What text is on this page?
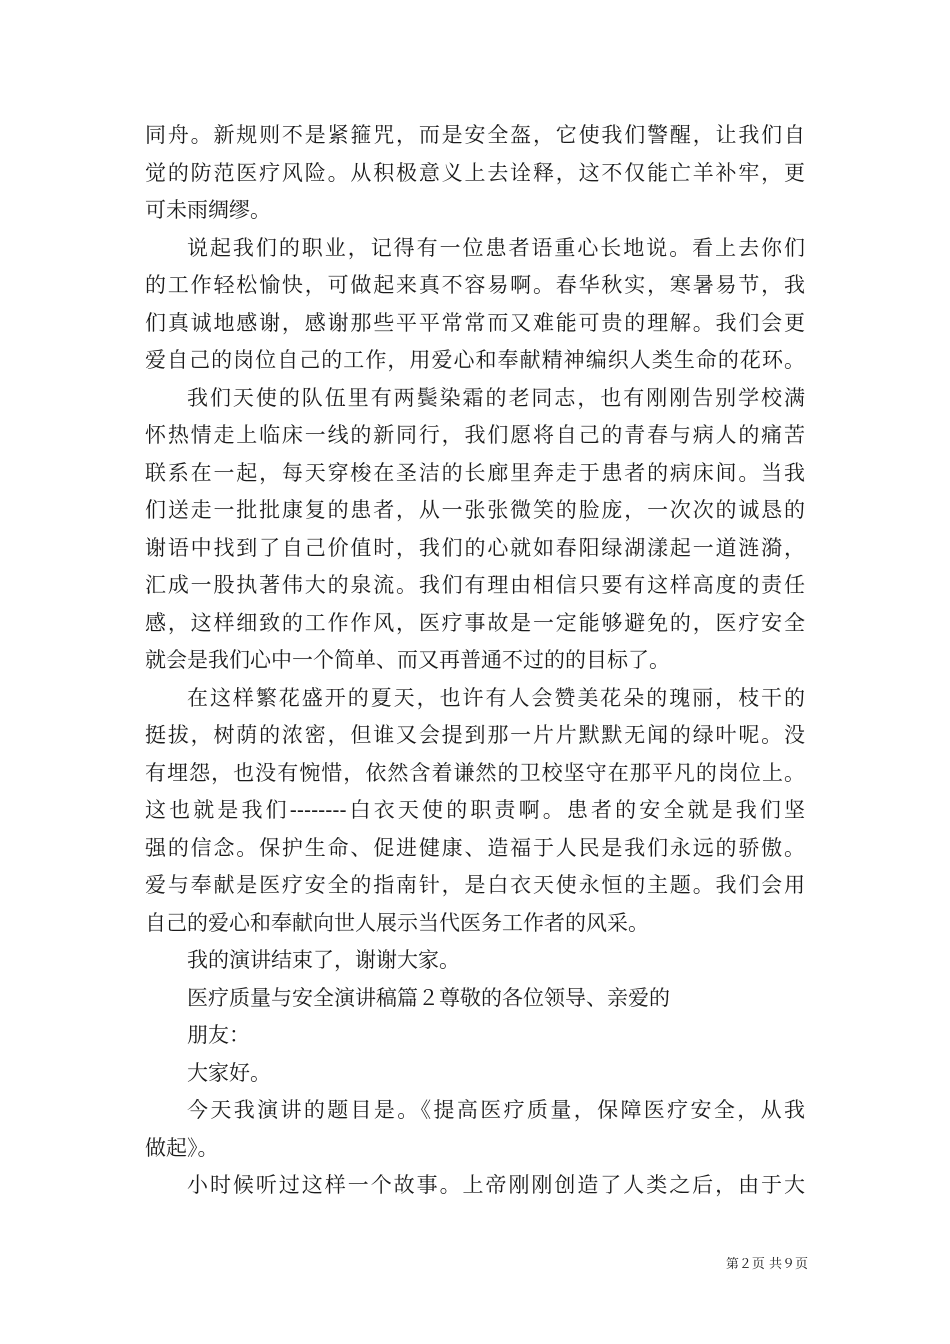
同舟。新规则不是紧箍咒，而是安全盔，它使我们警醒，让我们自
觉的防范医疗风险。从积极意义上去诠释，这不仅能亡羊补牢，更
可未雨绸缪。
说起我们的职业，记得有一位患者语重心长地说。看上去你们
的工作轻松愉快，可做起来真不容易啊。春华秋实，寒暑易节，我
们真诚地感谢，感谢那些平平常常而又难能可贵的理解。我们会更
爱自己的岗位自己的工作，用爱心和奉献精神编织人类生命的花环。
我们天使的队伍里有两鬓染霜的老同志，也有刚刚告别学校满
怀热情走上临床一线的新同行，我们愿将自己的青春与病人的痛苦
联系在一起，每天穿梭在圣洁的长廊里奔走于患者的病床间。当我
们送走一批批康复的患者，从一张张微笑的脸庞，一次次的诚恳的
谢语中找到了自己价值时，我们的心就如春阳绿湖漾起一道涟漪，
汇成一股执著伟大的泉流。我们有理由相信只要有这样高度的责任
感，这样细致的工作作风，医疗事故是一定能够避免的，医疗安全
就会是我们心中一个简单、而又再普通不过的的目标了。
在这样繁花盛开的夏天，也许有人会赞美花朵的瑰丽，枝干的
挺拔，树荫的浓密，但谁又会提到那一片片默默无闻的绿叶呢。没
有埋怨，也没有惋惜，依然含着谦然的卫校坚守在那平凡的岗位上。
这也就是我们--------白衣天使的职责啊。患者的安全就是我们坚
强的信念。保护生命、促进健康、造福于人民是我们永远的骄傲。
爱与奉献是医疗安全的指南针，是白衣天使永恒的主题。我们会用
自己的爱心和奉献向世人展示当代医务工作者的风采。
我的演讲结束了，谢谢大家。
医疗质量与安全演讲稿篇２尊敬的各位领导、亲爱的
朋友：
大家好。
今天我演讲的题目是。《提高医疗质量，保障医疗安全，从我
做起》。
小时候听过这样一个故事。上帝刚刚创造了人类之后，由于大
第２页 共９页
